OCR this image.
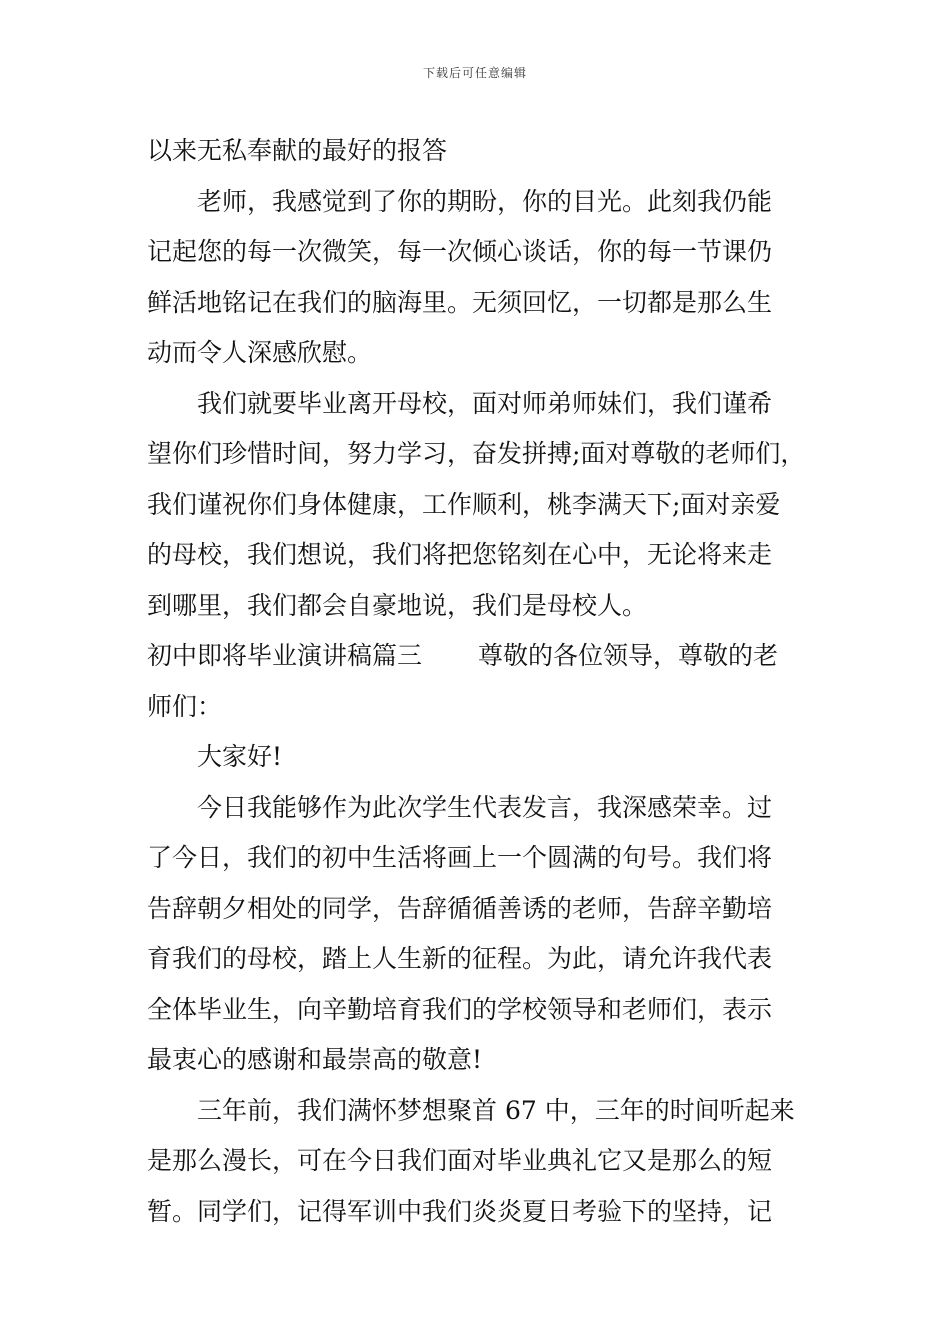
下载后可任意编辑
以来无私奉献的最好的报答
老师，我感觉到了你的期盼，你的目光。此刻我仍能
记起您的每一次微笑，每一次倾心谈话，你的每一节课仍
鲜活地铭记在我们的脑海里。无须回忆，一切都是那么生
动而令人深感欣慰。
我们就要毕业离开母校，面对师弟师妹们，我们谨希
望你们珍惜时间，努力学习，奋发拼搏;面对尊敬的老师们，
我们谨祝你们身体健康，工作顺利，桃李满天下;面对亲爱
的母校，我们想说，我们将把您铭刻在心中，无论将来走
到哪里，我们都会自豪地说，我们是母校人。
初中即将毕业演讲稿篇三 尊敬的各位领导，尊敬的老
师们：
大家好!
今日我能够作为此次学生代表发言，我深感荣幸。过
了今日，我们的初中生活将画上一个圆满的句号。我们将
告辞朝夕相处的同学，告辞循循善诱的老师，告辞辛勤培
育我们的母校，踏上人生新的征程。为此，请允许我代表
全体毕业生，向辛勤培育我们的学校领导和老师们，表示
最衷心的感谢和最崇高的敬意!
三年前，我们满怀梦想聚首 67 中，三年的时间听起来
是那么漫长，可在今日我们面对毕业典礼它又是那么的短
暂。同学们，记得军训中我们炎炎夏日考验下的坚持，记
